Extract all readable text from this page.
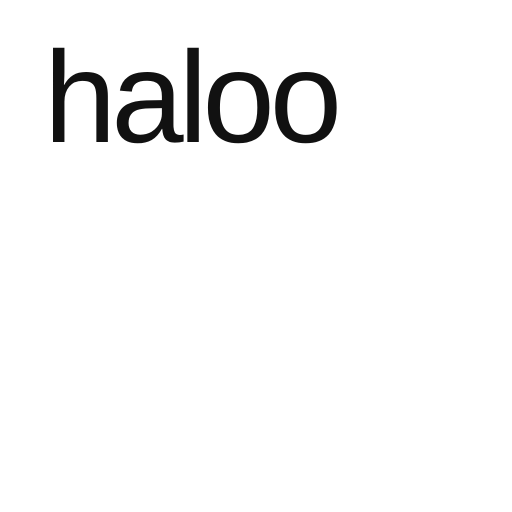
haloo
